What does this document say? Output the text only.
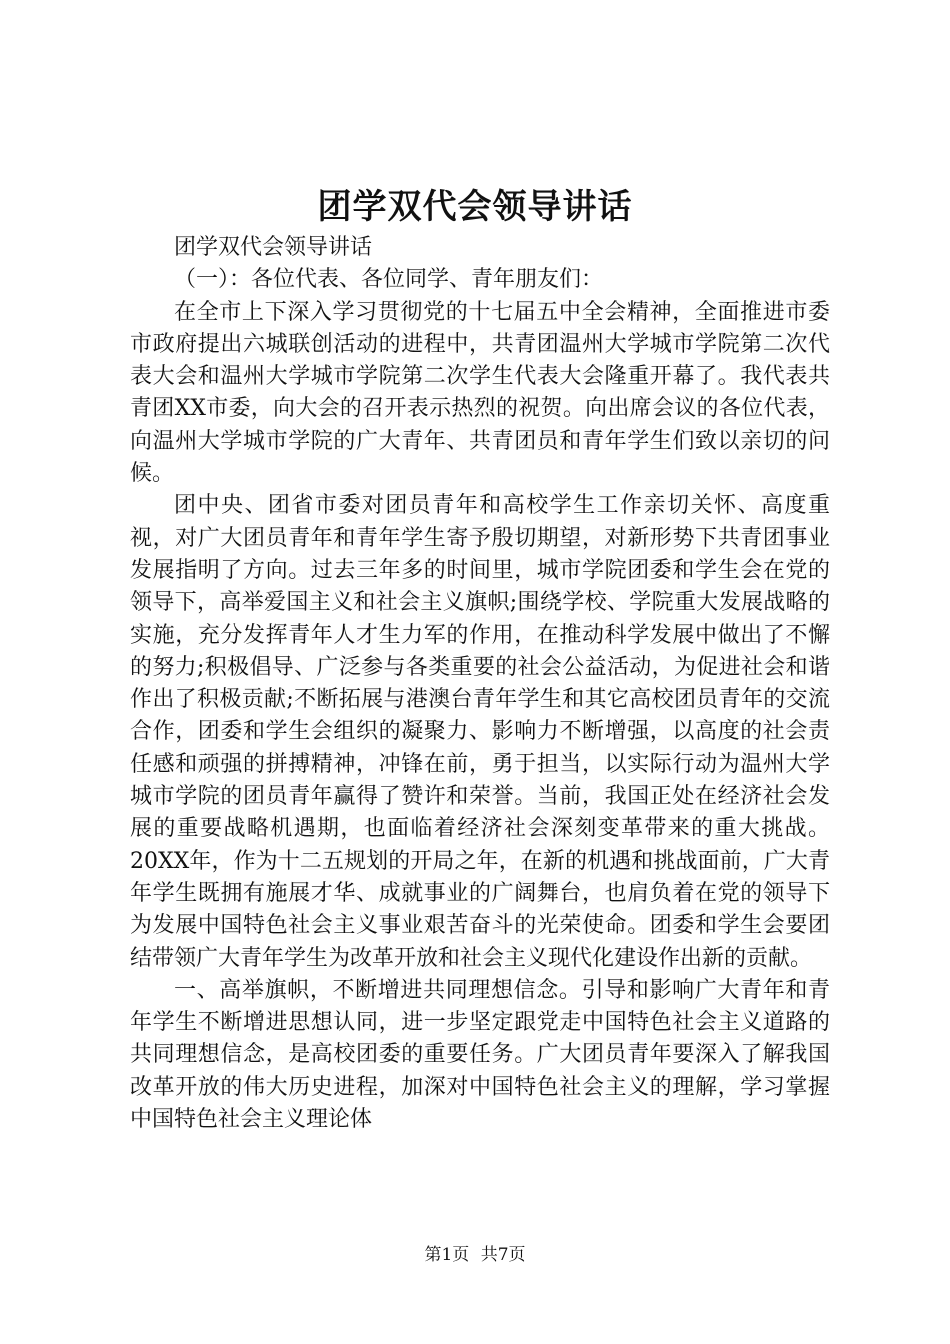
团学双代会领导讲话

团学双代会领导讲话

（一）：各位代表、各位同学、青年朋友们：

在全市上下深入学习贯彻党的十七届五中全会精神，全面推进市委市政府提出六城联创活动的进程中，共青团温州大学城市学院第二次代表大会和温州大学城市学院第二次学生代表大会隆重开幕了。我代表共青团XX市委，向大会的召开表示热烈的祝贺。向出席会议的各位代表，向温州大学城市学院的广大青年、共青团员和青年学生们致以亲切的问候。

团中央、团省市委对团员青年和高校学生工作亲切关怀、高度重视，对广大团员青年和青年学生寄予殷切期望，对新形势下共青团事业发展指明了方向。过去三年多的时间里，城市学院团委和学生会在党的领导下，高举爱国主义和社会主义旗帜;围绕学校、学院重大发展战略的实施，充分发挥青年人才生力军的作用，在推动科学发展中做出了不懈的努力;积极倡导、广泛参与各类重要的社会公益活动，为促进社会和谐作出了积极贡献;不断拓展与港澳台青年学生和其它高校团员青年的交流合作，团委和学生会组织的凝聚力、影响力不断增强，以高度的社会责任感和顽强的拼搏精神，冲锋在前，勇于担当，以实际行动为温州大学城市学院的团员青年赢得了赞许和荣誉。当前，我国正处在经济社会发展的重要战略机遇期，也面临着经济社会深刻变革带来的重大挑战。20XX年，作为十二五规划的开局之年，在新的机遇和挑战面前，广大青年学生既拥有施展才华、成就事业的广阔舞台，也肩负着在党的领导下为发展中国特色社会主义事业艰苦奋斗的光荣使命。团委和学生会要团结带领广大青年学生为改革开放和社会主义现代化建设作出新的贡献。

一、高举旗帜，不断增进共同理想信念。引导和影响广大青年和青年学生不断增进思想认同，进一步坚定跟党走中国特色社会主义道路的共同理想信念，是高校团委的重要任务。广大团员青年要深入了解我国改革开放的伟大历史进程，加深对中国特色社会主义的理解，学习掌握中国特色社会主义理论体

第1页 共7页
